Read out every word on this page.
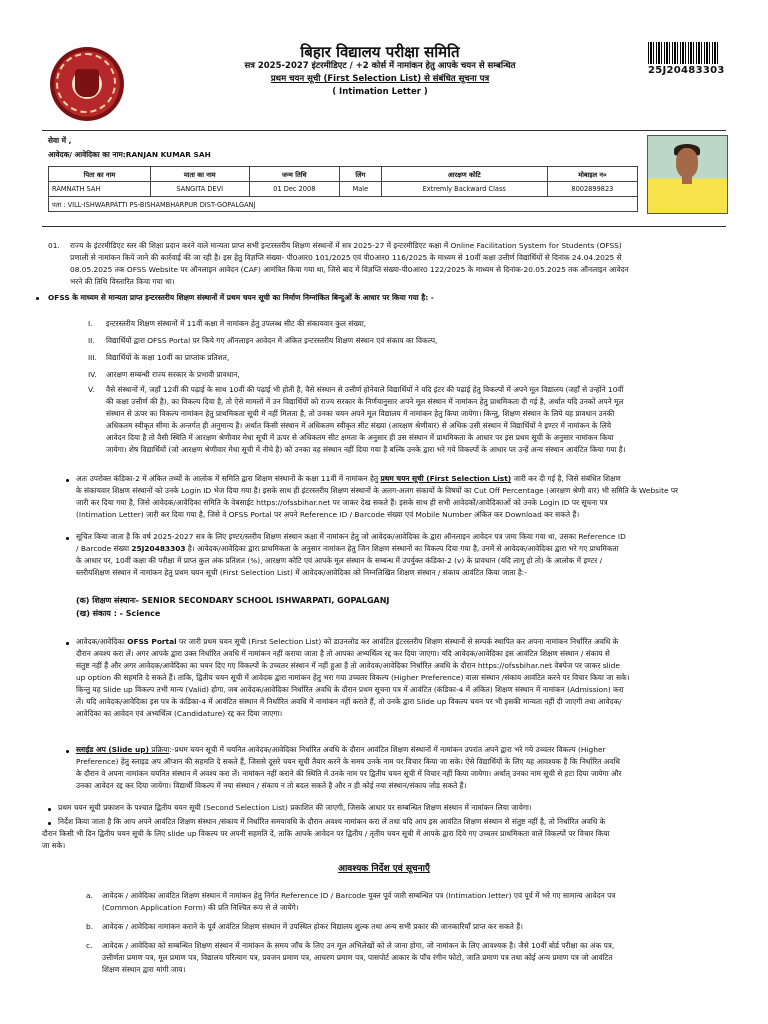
बिहार विद्यालय परीक्षा समिति
सत्र 2025-2027 इंटरमीडिएट / +2 कोर्स में नामांकन हेतु आपके चयन से सम्बन्धित
प्रथम चयन सूची (First Selection List) से संबंधित सूचना पत्र
( Intimation Letter )
25J20483303
सेवा में ,
आवेदक/ आवेदिका का नाम:RANJAN KUMAR SAH
पिता का नाम	माता का नाम	जन्म तिथि	लिंग	आरक्षण कोटि	मोबाइल न०
RAMNATH SAH	SANGITA DEVI	01 Dec 2008	Male	Extremly Backward Class	8002899823
पता : VILL-ISHWARPATTI PS-BISHAMBHARPUR DIST-GOPALGANJ					
01. राज्य के इंटरमीडिएट स्तर की शिक्षा प्रदान करने वाले मान्यता प्राप्त सभी इन्टरस्तरीय शिक्षण संस्थानों में सत्र 2025-27 में इन्टरमीडिएट कक्षा में Online Facilitation System for Students (OFSS)
प्रणाली से नामांकन किये जाने की कार्रवाई की जा रही है। इस हेतु विज्ञप्ति संख्या- पी0आर0 101/2025 एवं पी0आर0 116/2025 के माध्यम से 10वीं कक्षा उत्तीर्ण विद्यार्थियों से दिनांक 24.04.2025 से
08.05.2025 तक OFSS Website पर ऑनलाइन आवेदन (CAF) आमंत्रित किया गया था, जिसे बाद में विज्ञप्ति संख्या-पी0आर0 122/2025 के माध्यम से दिनांक-20.05.2025 तक ऑनलाइन आवेदन
भरने की तिथि विस्तारित किया गया था।
OFSS के माध्यम से मान्यता प्राप्त इन्टरस्तरीय शिक्षण संस्थानों में प्रथम चयन सूची का निर्माण निम्नांकित बिन्दुओं के आधार पर किया गया है: -
I. इन्टरस्तरीय शिक्षण संस्थानों में 11वीं कक्षा में नामांकन हेतु उपलब्ध सीट की संकायवार कुल संख्या,
II. विद्यार्थियों द्वारा OFSS Portal पर किये गए ऑनलाइन आवेदन में अंकित इन्टरस्तरीय शिक्षण संस्थान एवं संकाय का विकल्प,
III. विद्यार्थियों के कक्षा 10वीं का प्राप्तांक प्रतिशत,
IV. आरक्षण सम्बन्धी राज्य सरकार के प्रभावी प्रावधान,
V. वैसे संस्थानों में, जहाँ 12वीं की पढ़ाई के साथ 10वीं की पढ़ाई भी होती है, वैसे संस्थान से उत्तीर्ण होनेवाले विद्यार्थियों ने यदि इंटर की पढ़ाई हेतु विकल्पों में अपने मूल विद्यालय (जहाँ से उन्होंने 10वीं
की कक्षा उत्तीर्ण की है), का विकल्प दिया है, तो ऐसे मामलों में उन विद्यार्थियों को राज्य सरकार के निर्णयानुसार अपने मूल संस्थान में नामांकन हेतु प्राथमिकता दी गई है, अर्थात यदि उनकों अपने मूल
संस्थान से ऊपर का विकल्प नामांकन हेतु प्राथमिकता सूची में नहीं मिलता है, तो उनका चयन अपने मूल विद्यालय में नामांकन हेतु किया जायेगा। किन्तु, शिक्षण संस्थान के लिये यह प्रावधान उनकी
अधिकतम स्वीकृत सीमा के अन्तर्गत ही अनुमान्य है। अर्थात किसी संस्थान में अधिकतम स्वीकृत सीट संख्या (आरक्षण श्रेणीवार) से अधिक उसी संस्थान में विद्यार्थियों ने इण्टर में नामांकन के लिये
आवेदन दिया है तो वैसी स्थिति में आरक्षण श्रेणीवार मेधा सूची में ऊपर से अधिकतम सीट क्षमता के अनुसार ही उस संस्थान में प्राथमिकता के आधार पर इस प्रथम सूची के अनुसार नामांकन किया
जायेगा। शेष विद्यार्थियों (जो आरक्षण श्रेणीवार मेधा सूची में नीचे है) को उनका वह संस्थान नहीं दिया गया है बल्कि उनके द्वारा भरे गये विकल्पों के आधार पर उन्हें अन्य संस्थान आवंटित किया गया है।
अतः उपरोक्त कंडिका-2 में अंकित तथ्यों के आलोक में समिति द्वारा शिक्षण संस्थानों के कक्षा 11वीं में नामांकन हेतु प्रथम चयन सूची (First Selection List) जारी कर दी गई है, जिसे संबंधित शिक्षण
के संकायवार शिक्षण संस्थानों को उनके Login ID भेज दिया गया है। इसके साथ ही इंटरस्तरीय शिक्षण संस्थानों के अलग-अलग संकायों के विषयों का Cut Off Percentage (आरक्षण श्रेणी वार) भी समिति के Website पर
जारी कर दिया गया है, जिसे आवेदक/आवेदिका समिति के वेबसाईट https://ofssbihar.net पर जाकर देख सकते हैं। इसके साथ ही सभी आवेदकों/आवेदिकाओं को उनके Login ID पर सूचना पत्र
(Intimation Letter) जारी कर दिया गया है, जिसे वे OFSS Portal पर अपने Reference ID / Barcode संख्या एवं Mobile Number अंकित कर Download कर सकते हैं।
सूचित किया जाता है कि वर्ष 2025-2027 सत्र के लिए इण्टर/स्तरीय शिक्षण संस्थान कक्षा में नामांकन हेतु जो आवेदक/आवेदिका के द्वारा ऑनलाइन आवेदन पत्र जमा किया गया था, उसका Reference ID
/ Barcode संख्या 25J20483303 है। आवेदक/आवेदिका द्वारा प्राथमिकता के अनुसार नामांकन हेतु जिन शिक्षण संस्थानों का विकल्प दिया गया है, उनमें से आवेदक/आवेदिका द्वारा भरे गए प्राथमिकता
के आधार पर, 10वीं कक्षा की परीक्षा में प्राप्त कुल अंक प्रतिशत (%), आरक्षण कोटि एवं आपके मूल संस्थान के सम्बन्ध में उपर्युक्त कंडिका-2 (v) के प्रावधान (यदि लागू हो तो) के आलोक में इण्टर /
स्तरीयशिक्षण संस्थान में नामांकन हेतु प्रथम चयन सूची (First Selection List) में आवेदक/आवेदिका को निम्नलिखित शिक्षण संस्थान / संकाय आवंटित किया जाता है:-
(क) शिक्षण संस्थानः- SENIOR SECONDARY SCHOOL ISHWARPATI, GOPALGANJ
(ख) संकाय : - Science
आवेदक/आवेदिका OFSS Portal पर जारी प्रथम चयन सूची (First Selection List) को डाउनलोड कर आवंटित इंटरस्तरीय शिक्षण संस्थानों से सम्पर्क स्थापित कर अपना नामांकन निर्धारित अवधि के
दौरान अवश्य करा लें। अगर आपके द्वारा उक्त निर्धारित अवधि में नामांकन नहीं कराया जाता है तो आपका अभ्यर्थित्व रद्द कर दिया जाएगा। यदि आवेदक/आवेदिका इस आवंटित शिक्षण संस्थान / संकाय से
संतुष्ट नहीं हैं और अगर आवेदक/आवेदिका का चयन दिए गए विकल्पों के उच्चतर संस्थान में नहीं हुआ है तो आवेदक/आवेदिका निर्धारित अवधि के दौरान https://ofssbihar.net वेबपेज पर जाकर slide
up option की सहमति दे सकते हैं। ताकि, द्वितीय चयन सूची में आवेदक द्वारा नामांकन हेतु भरा गया उच्चतर विकल्प (Higher Preference) वाला संस्थान /संकाय आवंटित करने पर विचार किया जा सके।
किन्तु यह Slide up विकल्प तभी मान्य (Valid) होगा, जब आवेदक/आवेदिका निर्धारित अवधि के दौरान प्रथम सूचना पत्र में आवंटित (कंडिका-4 में अंकित) शिक्षण संस्थान में नामांकन (Admission) करा
लें। यदि आवेदक/आवेदिका इस पत्र के कंडिका-4 में आवंटित संस्थान में निर्धारित अवधि में नामांकन नहीं कराते हैं, तो उनके द्वारा Slide up विकल्प चयन पर भी इसकी मान्यता नहीं दी जाएगी तथा आवेदक/
आवेदिका का आवेदन एवं अभ्यर्थित्व (Candidature) रद्द कर दिया जाएगा।
स्लाईड अप (Slide up) प्रक्रिया:-प्रथम चयन सूची में चयनित आवेदक/आवेदिका निर्धारित अवधि के दौरान आवंटित शिक्षण संस्थानों में नामांकन उपरांत अपने द्वारा भरे गये उच्चतर विकल्प (Higher
Preference) हेतु स्लाइड अप ऑप्शन की सहमति दे सकते हैं, जिससे दूसरे चयन सूची तैयार करने के समय उनके नाम पर विचार किया जा सके। ऐसे विद्यार्थियों के लिए यह आवश्यक है कि निर्धारित अवधि
के दौरान वे अपना नामांकन चयनित संस्थान में अवश्य करा लें। नामांकन नहीं कराने की स्थिति में उनके नाम पर द्वितीय चयन सूची में विचार नहीं किया जायेगा। अर्थात् उनका नाम सूची से हटा दिया जायेगा और
उनका आवेदन रद्द कर दिया जायेगा। विद्यार्थी विकल्प में नया संस्थान / संकाय न तो बदल सकते है और न ही कोई नया संस्थान/संकाय जोड़ सकते हैं।
प्रथम चयन सूची प्रकाशन के पश्चात द्वितीय चयन सूची (Second Selection List) प्रकाशित की जाएगी, जिसके आधार पर सम्बन्धित शिक्षण संस्थान में नामांकन लिया जायेगा।
निर्देश किया जाता है कि आप अपने आवंटित शिक्षण संस्थान /संकाय में निर्धारित समयावधि के दौरान अवश्य नामांकन करा लें तथा यदि आप इस आवंटित शिक्षण संस्थान से संतुष्ट नहीं है, तो निर्धारित अवधि के
दौरान किसी भी दिन द्वितीय चयन सूची के लिए slide up विकल्प पर अपनी सहमति दें, ताकि आपके आवेदन पर द्वितीय / तृतीय चयन सूची में आपके द्वारा दिये गए उच्चतर प्राथमिकता वाले विकल्पों पर विचार किया
जा सके।
आवश्यक निर्देश एवं सूचनाएँ
a. आवेदक / आवेदिका आवंटित शिक्षण संस्थान में नामांकन हेतु निर्गत Reference ID / Barcode युक्त पूर्व जारी सम्बन्धित पत्र (Intimation letter) एवं पूर्व में भरे गए सामान्य आवेदन पत्र
(Common Application Form) की प्रति निश्चित रूप से ले जायेंगे।
b. आवेदक / आवेदिका नामांकन कराने के पूर्व आवंटित शिक्षण संस्थान में उपस्थित होकर विद्यालय शुल्क तथा अन्य सभी प्रकार की जानकारियाँ प्राप्त कर सकते हैं।
c. आवेदक / आवेदिका को सम्बन्धित शिक्षण संस्थान में नामांकन के समय जाँच के लिए उन मूल अभिलेखों को ले जाना होगा, जो नामांकन के लिए आवश्यक है। जैसे 10वीं बोर्ड परीक्षा का अंक पत्र,
उत्तीर्णता प्रमाण पत्र, मूल प्रमाण पत्र, विद्यालय परित्याग पत्र, प्रवजन प्रमाण पत्र, आचरण प्रमाण पत्र, पासपोर्ट आकार के पाँच रंगीन फोटो, जाति प्रमाण पत्र तथा कोई अन्य प्रमाण पत्र जो आवंटित
शिक्षण संस्थान द्वारा मांगी जाय।
